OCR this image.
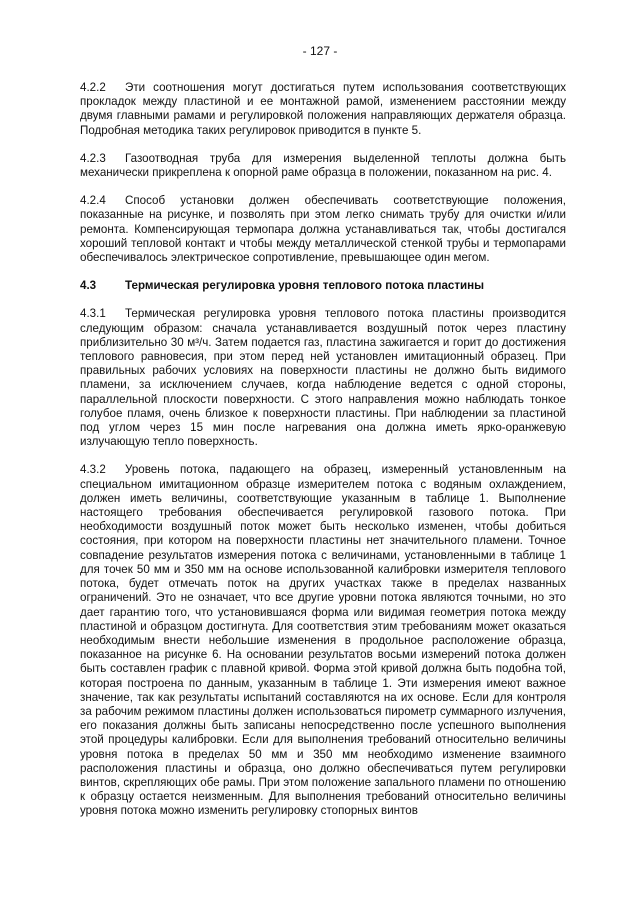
- 127 -

4.2.2 Эти соотношения могут достигаться путем использования соответствующих прокладок между пластиной и ее монтажной рамой, изменением расстоянии между двумя главными рамами и регулировкой положения направляющих держателя образца. Подробная методика таких регулировок приводится в пункте 5.

4.2.3 Газоотводная труба для измерения выделенной теплоты должна быть механически прикреплена к опорной раме образца в положении, показанном на рис. 4.

4.2.4 Способ установки должен обеспечивать соответствующие положения, показанные на рисунке, и позволять при этом легко снимать трубу для очистки и/или ремонта. Компенсирующая термопара должна устанавливаться так, чтобы достигался хороший тепловой контакт и чтобы между металлической стенкой трубы и термопарами обеспечивалось электрическое сопротивление, превышающее один мегом.

4.3 Термическая регулировка уровня теплового потока пластины

4.3.1 Термическая регулировка уровня теплового потока пластины производится следующим образом: сначала устанавливается воздушный поток через пластину приблизительно 30 м³/ч. Затем подается газ, пластина зажигается и горит до достижения теплового равновесия, при этом перед ней установлен имитационный образец. При правильных рабочих условиях на поверхности пластины не должно быть видимого пламени, за исключением случаев, когда наблюдение ведется с одной стороны, параллельной плоскости поверхности. С этого направления можно наблюдать тонкое голубое пламя, очень близкое к поверхности пластины. При наблюдении за пластиной под углом через 15 мин после нагревания она должна иметь ярко-оранжевую излучающую тепло поверхность.

4.3.2 Уровень потока, падающего на образец, измеренный установленным на специальном имитационном образце измерителем потока с водяным охлаждением, должен иметь величины, соответствующие указанным в таблице 1. Выполнение настоящего требования обеспечивается регулировкой газового потока. При необходимости воздушный поток может быть несколько изменен, чтобы добиться состояния, при котором на поверхности пластины нет значительного пламени. Точное совпадение результатов измерения потока с величинами, установленными в таблице 1 для точек 50 мм и 350 мм на основе использованной калибровки измерителя теплового потока, будет отмечать поток на других участках также в пределах названных ограничений. Это не означает, что все другие уровни потока являются точными, но это дает гарантию того, что установившаяся форма или видимая геометрия потока между пластиной и образцом достигнута. Для соответствия этим требованиям может оказаться необходимым внести небольшие изменения в продольное расположение образца, показанное на рисунке 6. На основании результатов восьми измерений потока должен быть составлен график с плавной кривой. Форма этой кривой должна быть подобна той, которая построена по данным, указанным в таблице 1. Эти измерения имеют важное значение, так как результаты испытаний составляются на их основе. Если для контроля за рабочим режимом пластины должен использоваться пирометр суммарного излучения, его показания должны быть записаны непосредственно после успешного выполнения этой процедуры калибровки. Если для выполнения требований относительно величины уровня потока в пределах 50 мм и 350 мм необходимо изменение взаимного расположения пластины и образца, оно должно обеспечиваться путем регулировки винтов, скрепляющих обе рамы. При этом положение запального пламени по отношению к образцу остается неизменным. Для выполнения требований относительно величины уровня потока можно изменить регулировку стопорных винтов
